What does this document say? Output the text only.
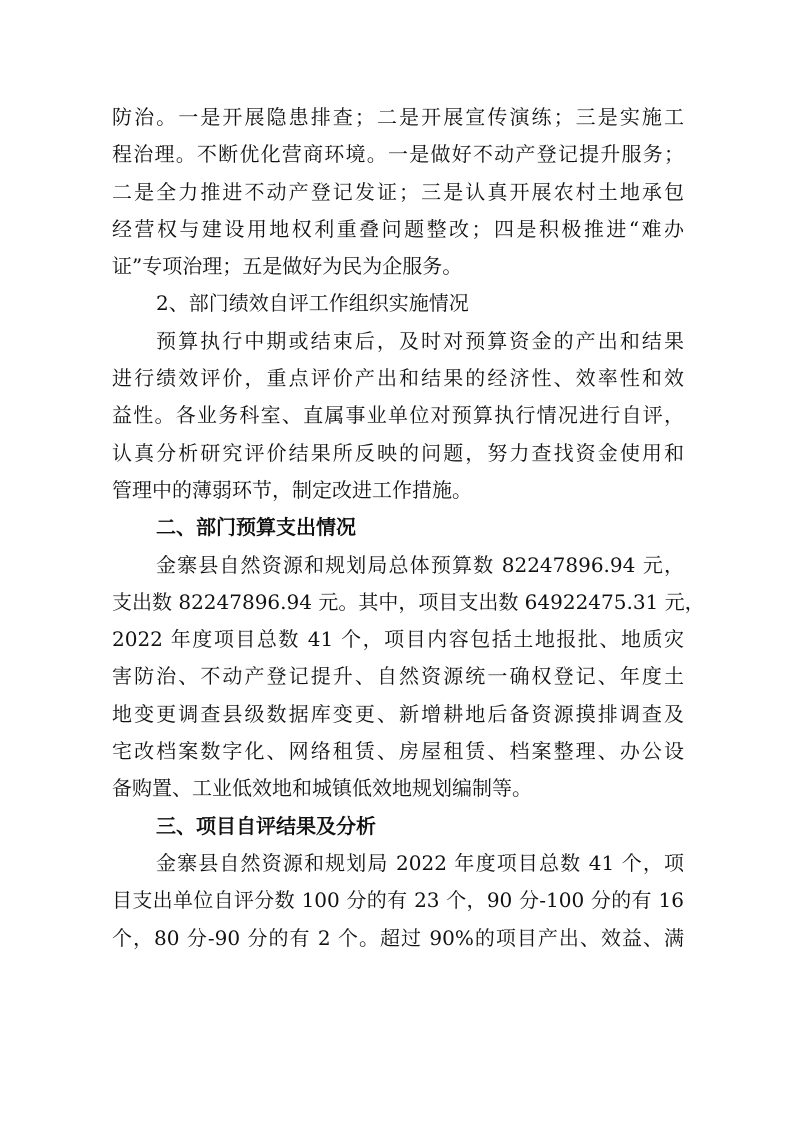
防治。一是开展隐患排查；二是开展宣传演练；三是实施工
程治理。不断优化营商环境。一是做好不动产登记提升服务；
二是全力推进不动产登记发证；三是认真开展农村土地承包
经营权与建设用地权利重叠问题整改；四是积极推进“难办
证”专项治理；五是做好为民为企服务。
2、部门绩效自评工作组织实施情况
预算执行中期或结束后，及时对预算资金的产出和结果
进行绩效评价，重点评价产出和结果的经济性、效率性和效
益性。各业务科室、直属事业单位对预算执行情况进行自评，
认真分析研究评价结果所反映的问题，努力查找资金使用和
管理中的薄弱环节，制定改进工作措施。
二、部门预算支出情况
金寨县自然资源和规划局总体预算数 82247896.94 元，
支出数 82247896.94 元。其中，项目支出数 64922475.31 元，
2022 年度项目总数 41 个，项目内容包括土地报批、地质灾
害防治、不动产登记提升、自然资源统一确权登记、年度土
地变更调查县级数据库变更、新增耕地后备资源摸排调查及
宅改档案数字化、网络租赁、房屋租赁、档案整理、办公设
备购置、工业低效地和城镇低效地规划编制等。
三、项目自评结果及分析
金寨县自然资源和规划局 2022 年度项目总数 41 个，项
目支出单位自评分数 100 分的有 23 个，90 分-100 分的有 16
个，80 分-90 分的有 2 个。超过 90%的项目产出、效益、满
